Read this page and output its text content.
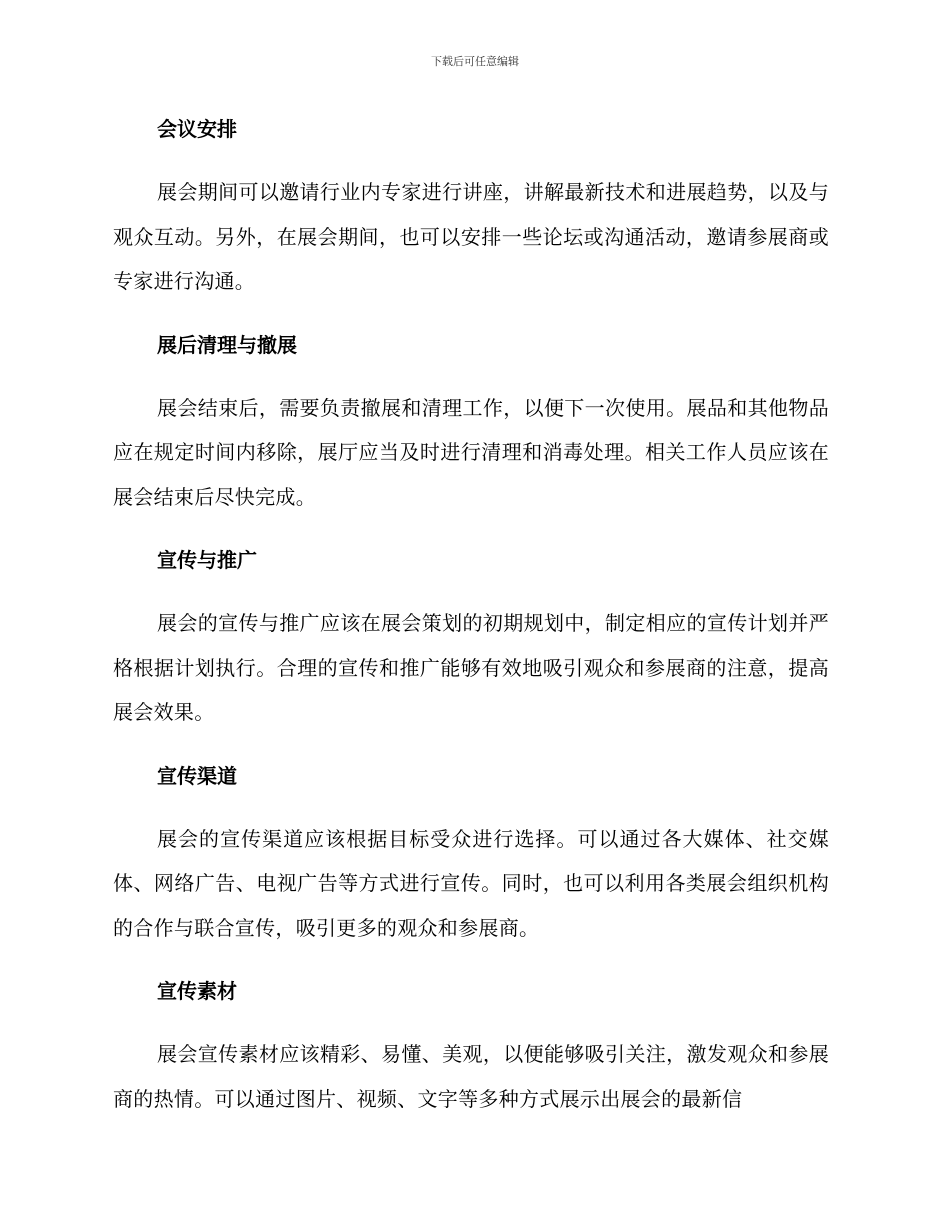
下载后可任意编辑
会议安排

展会期间可以邀请行业内专家进行讲座，讲解最新技术和进展趋势，以及与观众互动。另外，在展会期间，也可以安排一些论坛或沟通活动，邀请参展商或专家进行沟通。

展后清理与撤展

展会结束后，需要负责撤展和清理工作，以便下一次使用。展品和其他物品应在规定时间内移除，展厅应当及时进行清理和消毒处理。相关工作人员应该在展会结束后尽快完成。

宣传与推广

展会的宣传与推广应该在展会策划的初期规划中，制定相应的宣传计划并严格根据计划执行。合理的宣传和推广能够有效地吸引观众和参展商的注意，提高展会效果。

宣传渠道

展会的宣传渠道应该根据目标受众进行选择。可以通过各大媒体、社交媒体、网络广告、电视广告等方式进行宣传。同时，也可以利用各类展会组织机构的合作与联合宣传，吸引更多的观众和参展商。

宣传素材

展会宣传素材应该精彩、易懂、美观，以便能够吸引关注，激发观众和参展商的热情。可以通过图片、视频、文字等多种方式展示出展会的最新信
